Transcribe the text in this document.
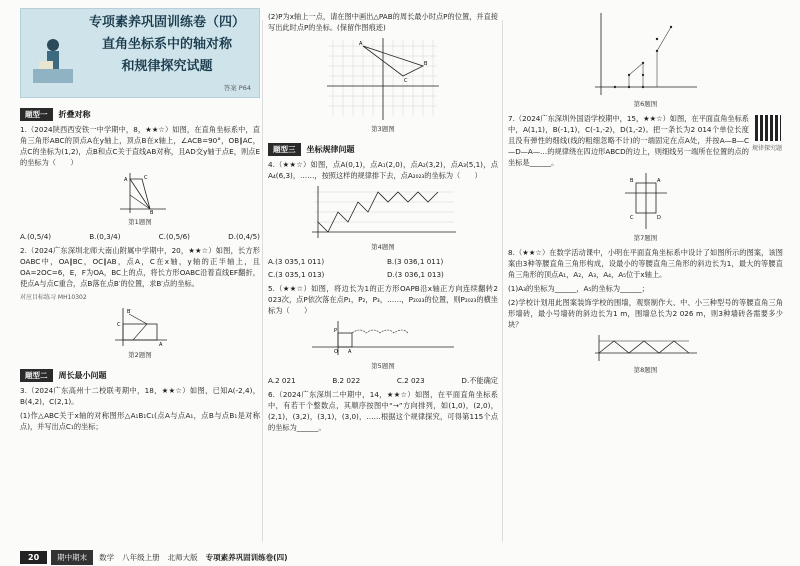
专项素养巩固训练卷（四）
直角坐标系中的轴对称
和规律探究试题
答案 P64
题型一	折叠对称
1.（2024陕西西安铁一中学期中，8，★★☆）如图，在直角坐标系中，直角三角形ABC的顶点A在y轴上，顶点B在x轴上，∠ACB=90°，OB∥AC，点C的坐标为(1,2)，点B和点C关于直线AB对称，且AD交y轴于点E，则点E的坐标为（　　）
A	C
B
第1题图
A.(0,5/4)	B.(0,3/4)	C.(0,5/6)	D.(0,4/5)
2.（2024广东深圳北师大南山附属中学期中，20，★★☆）如图，长方形OABC中，OA∥BC，OC∥AB，点A，C在x轴，y轴的正半轴上，且OA=2OC=6，E，F为OA，BC上的点，将长方形OABC沿着直线EF翻折，使点A与点C重合，点B落在点B′的位置，求B′点的坐标。
对应目标练习 MH10302
A
C
B′
第2题图
题型二	周长最小问题
3.（2024广东高州十二校联考期中，18，★★☆）如图，已知A(-2,4)，B(4,2)，C(2,1)。
(1)作△ABC关于x轴的对称图形△A₁B₁C₁(点A与点A₁，点B与点B₁是对称点)，并写出点C₁的坐标；
(2)P为x轴上一点，请在图中画出△PAB的周长最小时点P的位置，并直接写出此时点P的坐标。(保留作图痕迹)
A
B
C
第3题图
题型三	坐标规律问题
4.（★★☆）如图，点A(0,1)，点A₁(2,0)，点A₂(3,2)，点A₃(5,1)，点A₄(6,3)，……，按照这样的规律排下去，点A₂₀₂₃的坐标为（　　）
第4题图
A.(3 035,1 011)	B.(3 036,1 011)
C.(3 035,1 013)	D.(3 036,1 013)
5.（★★☆）如图，将边长为1的正方形OAPB沿x轴正方向连续翻转2 023次，点P依次落在点P₁，P₂，P₃，……，P₂₀₂₃的位置，则P₂₀₂₃的横坐标为（　　）
O A
P
第5题图
A.2 021	B.2 022	C.2 023	D.不能确定
6.（2024广东深圳二中期中，14，★★☆）如图，在平面直角坐标系中，有若干个整数点，其顺序按图中“→”方向排列，如(1,0)，(2,0)，(2,1)，(3,2)，(3,1)，(3,0)，……根据这个规律探究，可得第115个点的坐标为______。
第6题图
7.（2024广东深圳外国语学校期中，15，★★☆）如图，在平面直角坐标系中，A(1,1)，B(-1,1)，C(-1,-2)，D(1,-2)。把一条长为2 014个单位长度且没有弹性的细线(线的粗细忽略不计)的一端固定在点A处，并按A—B—C—D—A—…的规律绕在四边形ABCD的边上，则细线另一端所在位置的点的坐标是______。
规律探究题
A
B
C	D
第7题图
8.（★★☆）在数学活动课中，小明在平面直角坐标系中设计了如图所示的图案，该图案由3种等腰直角三角形构成，设最小的等腰直角三角形的斜边长为1，最大的等腰直角三角形的顶点A₁，A₂，A₃，A₄，A₅位于x轴上。
(1)A₃的坐标为______，A₅的坐标为______；
(2)学校计划用此图案装饰学校的围墙，观察制作大、中、小三种型号的等腰直角三角形墙砖，最小号墙砖的斜边长为1 m，围墙总长为2 026 m，则3种墙砖各需要多少块？
第8题图
20	期中期末	数学 八年级上册 北师大版 专项素养巩固训练卷(四)
